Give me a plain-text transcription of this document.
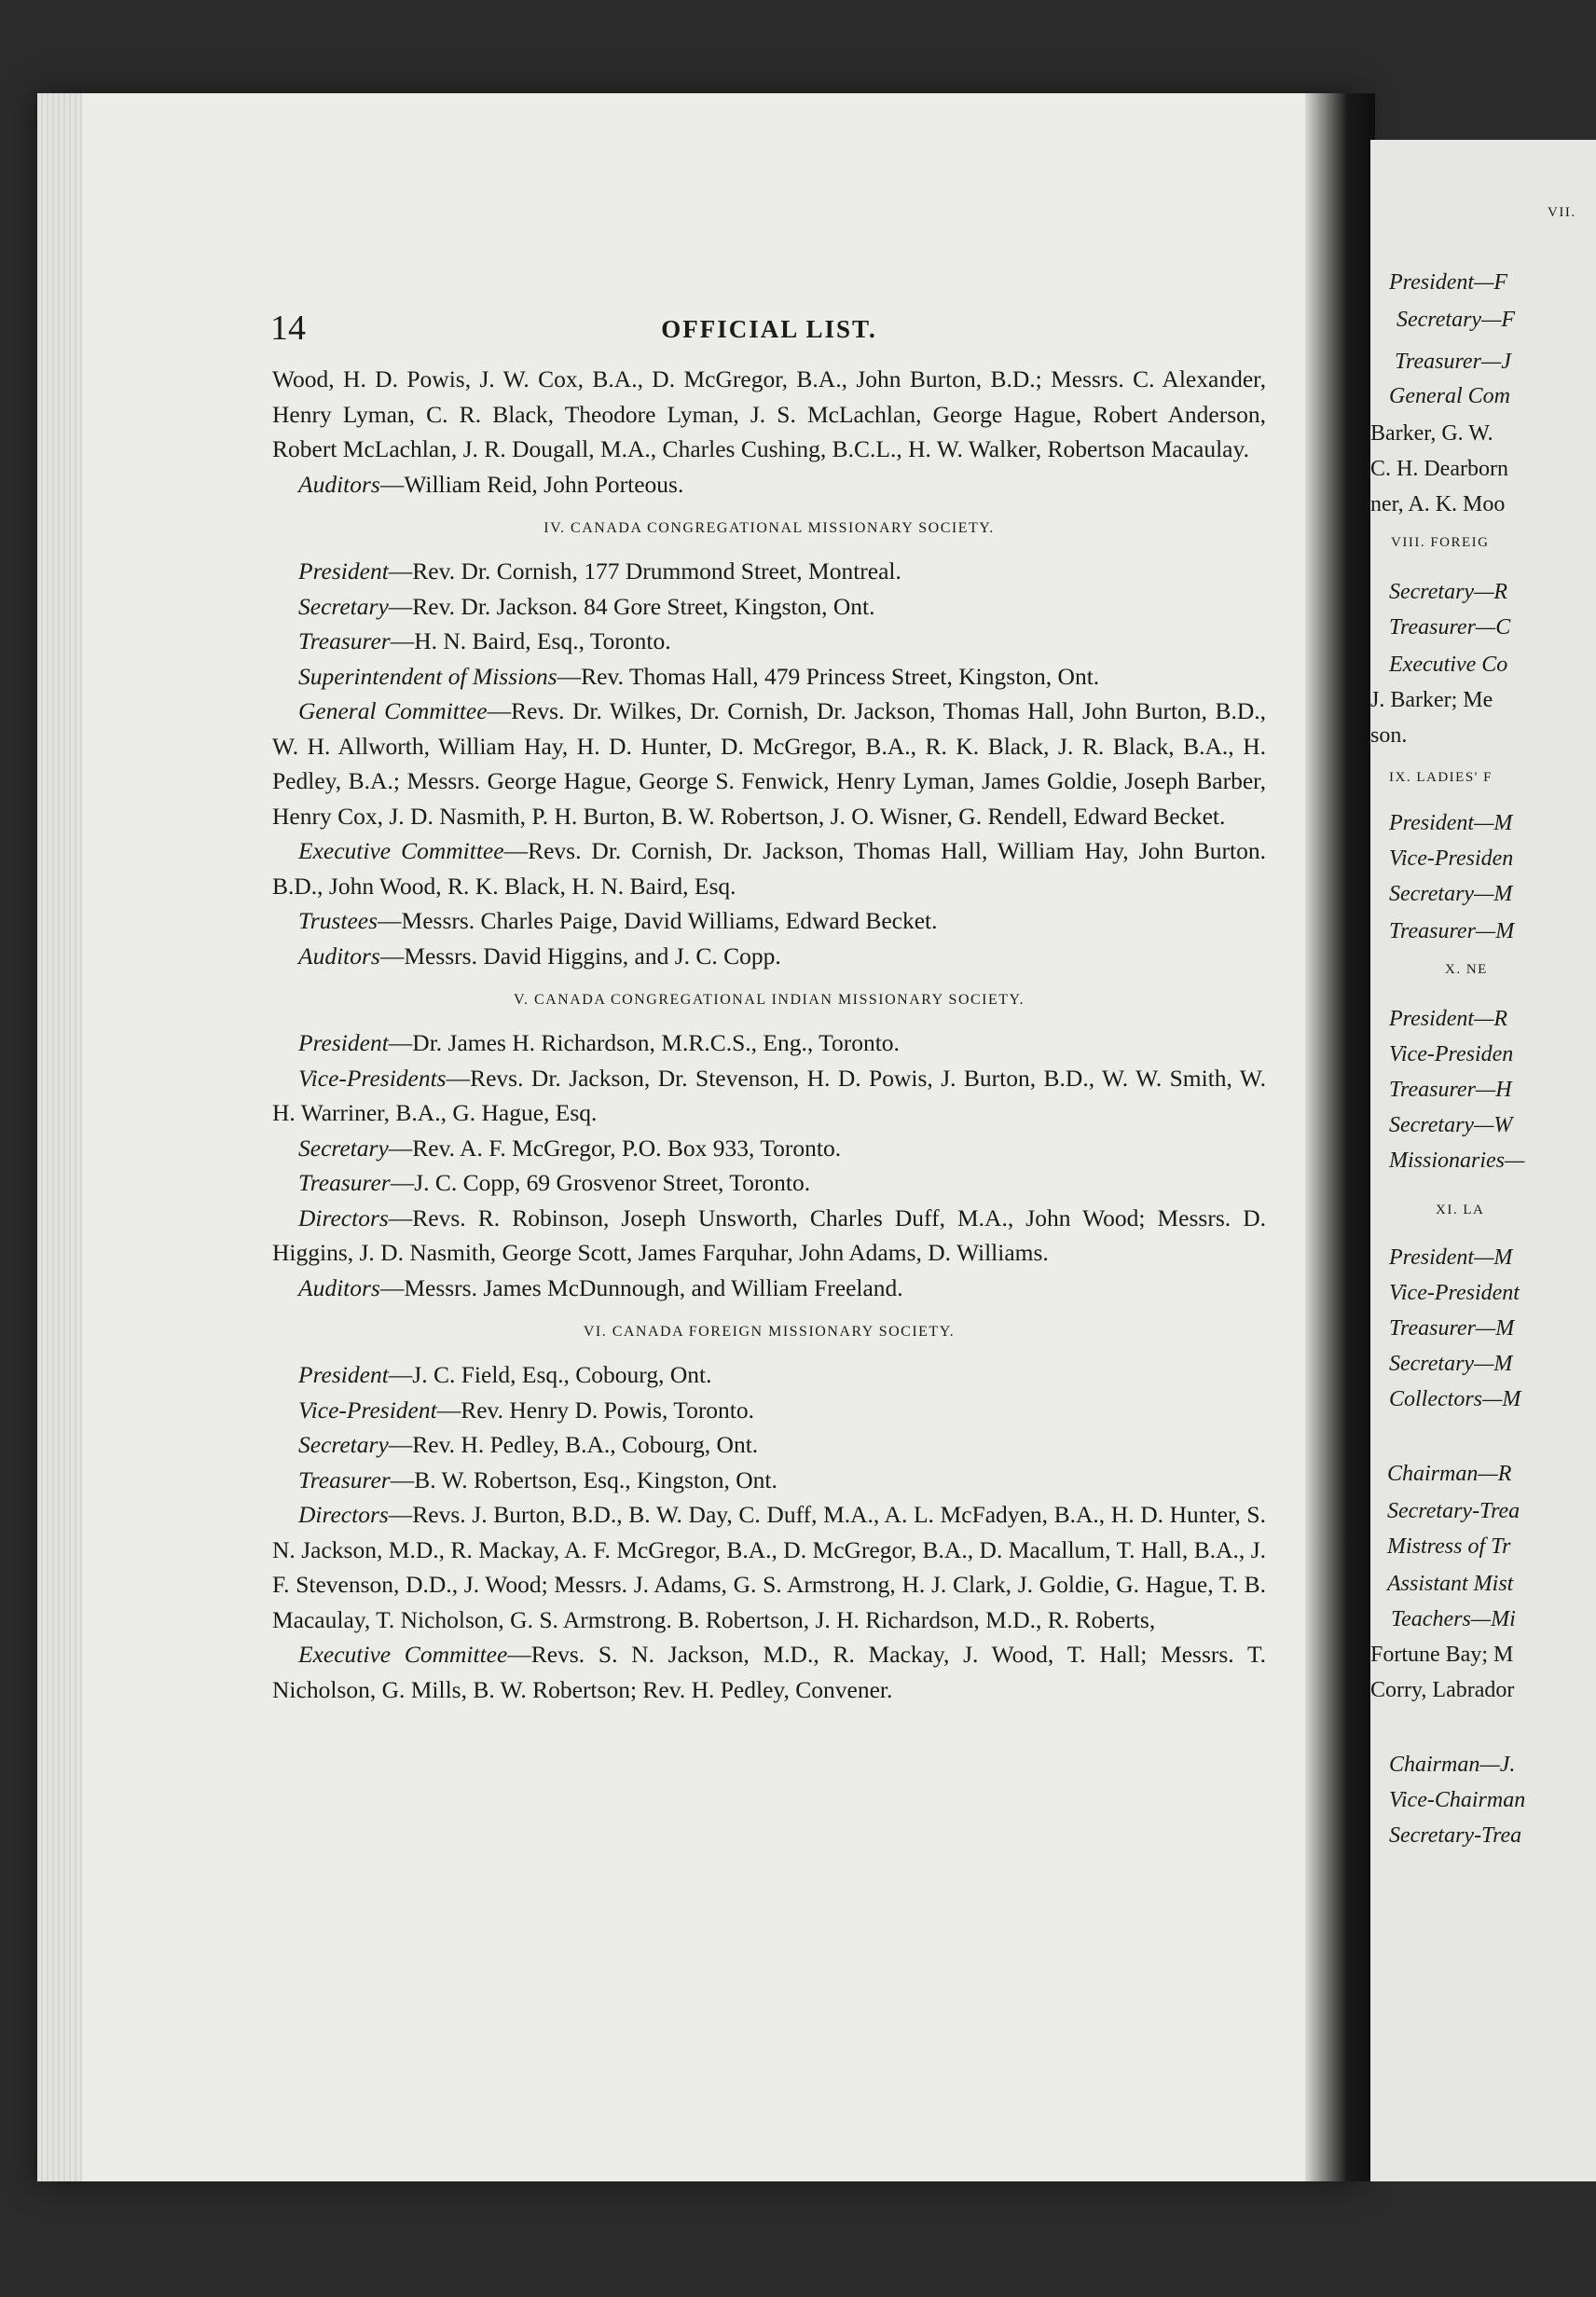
VII.
President—F
Secretary—F
Treasurer—J
General Com
Barker, G. W.
C. H. Dearborn
ner, A. K. Moo
VIII. FOREIG
Secretary—R
Treasurer—C
Executive Co
J. Barker; Me
son.
IX. LADIES' F
President—M
Vice-Presiden
Secretary—M
Treasurer—M
X. NE
President—R
Vice-Presiden
Treasurer—H
Secretary—W
Missionaries—
XI. LA
President—M
Vice-President
Treasurer—M
Secretary—M
Collectors—M
Chairman—R
Secretary-Trea
Mistress of Tr
Assistant Mist
Teachers—Mi
Fortune Bay; M
Corry, Labrador
Chairman—J.
Vice-Chairman
Secretary-Trea
14	OFFICIAL LIST.

Wood, H. D. Powis, J. W. Cox, B.A., D. McGregor, B.A., John Burton, B.D.; Messrs. C. Alexander, Henry Lyman, C. R. Black, Theodore Lyman, J. S. McLachlan, George Hague, Robert Anderson, Robert McLachlan, J. R. Dougall, M.A., Charles Cushing, B.C.L., H. W. Walker, Robertson Macaulay.

Auditors—William Reid, John Porteous.

IV. CANADA CONGREGATIONAL MISSIONARY SOCIETY.

President—Rev. Dr. Cornish, 177 Drummond Street, Montreal.

Secretary—Rev. Dr. Jackson. 84 Gore Street, Kingston, Ont.

Treasurer—H. N. Baird, Esq., Toronto.

Superintendent of Missions—Rev. Thomas Hall, 479 Princess Street, Kingston, Ont.

General Committee—Revs. Dr. Wilkes, Dr. Cornish, Dr. Jackson, Thomas Hall, John Burton, B.D., W. H. Allworth, William Hay, H. D. Hunter, D. McGregor, B.A., R. K. Black, J. R. Black, B.A., H. Pedley, B.A.; Messrs. George Hague, George S. Fenwick, Henry Lyman, James Goldie, Joseph Barber, Henry Cox, J. D. Nasmith, P. H. Burton, B. W. Robertson, J. O. Wisner, G. Rendell, Edward Becket.

Executive Committee—Revs. Dr. Cornish, Dr. Jackson, Thomas Hall, William Hay, John Burton. B.D., John Wood, R. K. Black, H. N. Baird, Esq.

Trustees—Messrs. Charles Paige, David Williams, Edward Becket.

Auditors—Messrs. David Higgins, and J. C. Copp.

V. CANADA CONGREGATIONAL INDIAN MISSIONARY SOCIETY.

President—Dr. James H. Richardson, M.R.C.S., Eng., Toronto.

Vice-Presidents—Revs. Dr. Jackson, Dr. Stevenson, H. D. Powis, J. Burton, B.D., W. W. Smith, W. H. Warriner, B.A., G. Hague, Esq.

Secretary—Rev. A. F. McGregor, P.O. Box 933, Toronto.

Treasurer—J. C. Copp, 69 Grosvenor Street, Toronto.

Directors—Revs. R. Robinson, Joseph Unsworth, Charles Duff, M.A., John Wood; Messrs. D. Higgins, J. D. Nasmith, George Scott, James Farquhar, John Adams, D. Williams.

Auditors—Messrs. James McDunnough, and William Freeland.

VI. CANADA FOREIGN MISSIONARY SOCIETY.

President—J. C. Field, Esq., Cobourg, Ont.

Vice-President—Rev. Henry D. Powis, Toronto.

Secretary—Rev. H. Pedley, B.A., Cobourg, Ont.

Treasurer—B. W. Robertson, Esq., Kingston, Ont.

Directors—Revs. J. Burton, B.D., B. W. Day, C. Duff, M.A., A. L. McFadyen, B.A., H. D. Hunter, S. N. Jackson, M.D., R. Mackay, A. F. McGregor, B.A., D. McGregor, B.A., D. Macallum, T. Hall, B.A., J. F. Stevenson, D.D., J. Wood; Messrs. J. Adams, G. S. Armstrong, H. J. Clark, J. Goldie, G. Hague, T. B. Macaulay, T. Nicholson, G. S. Armstrong. B. Robertson, J. H. Richardson, M.D., R. Roberts,

Executive Committee—Revs. S. N. Jackson, M.D., R. Mackay, J. Wood, T. Hall; Messrs. T. Nicholson, G. Mills, B. W. Robertson; Rev. H. Pedley, Convener.
